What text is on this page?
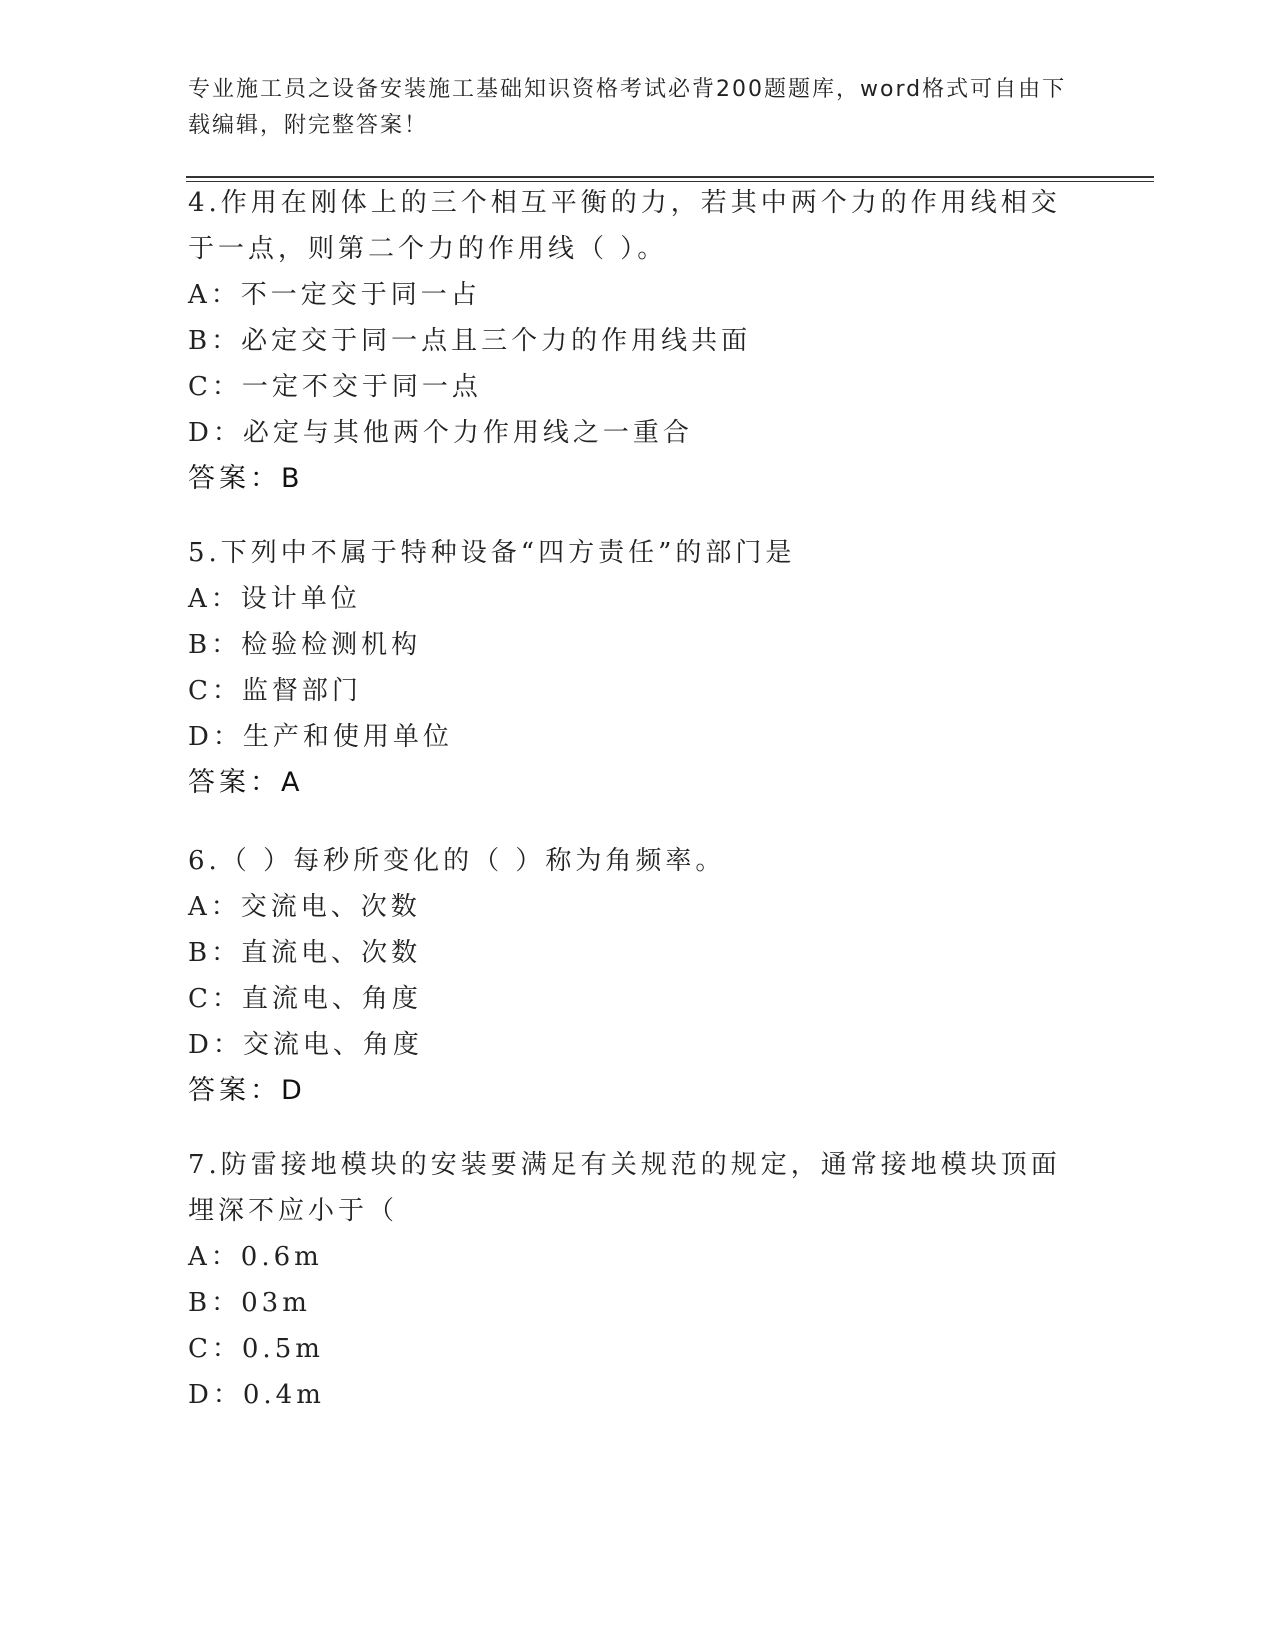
专业施工员之设备安装施工基础知识资格考试必背200题题库，word格式可自由下载编辑，附完整答案！
4.作用在刚体上的三个相互平衡的力，若其中两个力的作用线相交于一点，则第二个力的作用线（ ）。
A：不一定交于同一占
B：必定交于同一点且三个力的作用线共面
C：一定不交于同一点
D：必定与其他两个力作用线之一重合
答案：B
5.下列中不属于特种设备“四方责任”的部门是
A：设计单位
B：检验检测机构
C：监督部门
D：生产和使用单位
答案：A
6.（ ）每秒所变化的（ ）称为角频率。
A：交流电、次数
B：直流电、次数
C：直流电、角度
D：交流电、角度
答案：D
7.防雷接地模块的安装要满足有关规范的规定，通常接地模块顶面埋深不应小于（
A：0.6m
B：03m
C：0.5m
D：0.4m
